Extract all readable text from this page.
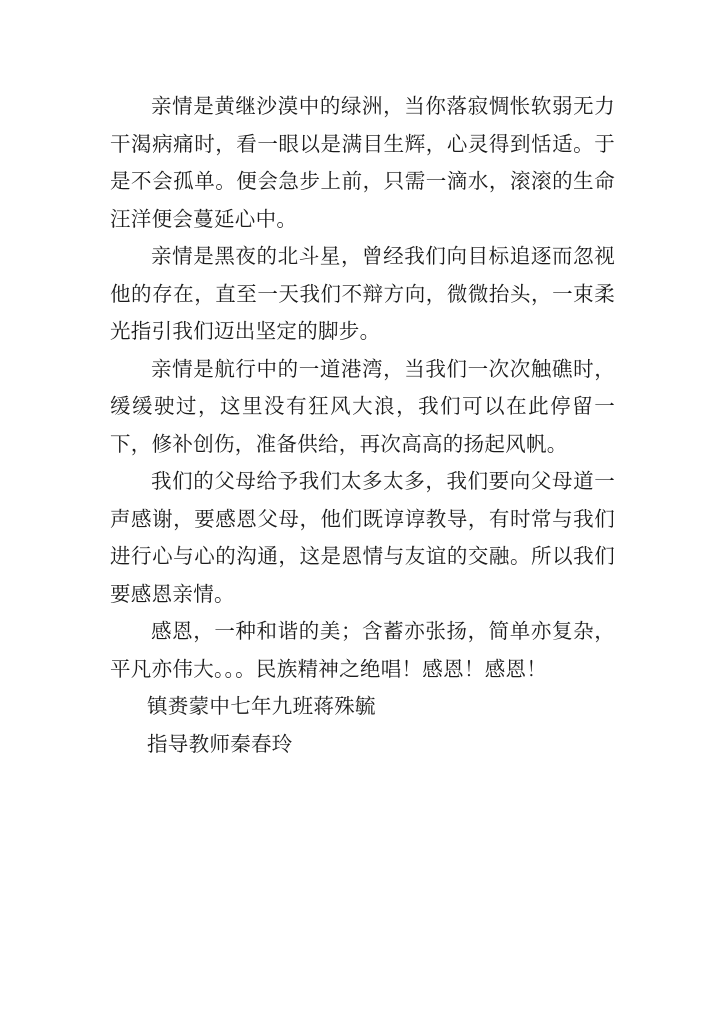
亲情是黄继沙漠中的绿洲，当你落寂惆怅软弱无力干渴病痛时，看一眼以是满目生辉，心灵得到恬适。于是不会孤单。便会急步上前，只需一滴水，滚滚的生命汪洋便会蔓延心中。

亲情是黑夜的北斗星，曾经我们向目标追逐而忽视他的存在，直至一天我们不辩方向，微微抬头，一束柔光指引我们迈出坚定的脚步。

亲情是航行中的一道港湾，当我们一次次触礁时，缓缓驶过，这里没有狂风大浪，我们可以在此停留一下，修补创伤，准备供给，再次高高的扬起风帆。

我们的父母给予我们太多太多，我们要向父母道一声感谢，要感恩父母，他们既谆谆教导，有时常与我们进行心与心的沟通，这是恩情与友谊的交融。所以我们要感恩亲情。

感恩，一种和谐的美；含蓄亦张扬，简单亦复杂，平凡亦伟大。。。民族精神之绝唱！感恩！感恩！

镇赉蒙中七年九班蒋殊毓

指导教师秦春玲
